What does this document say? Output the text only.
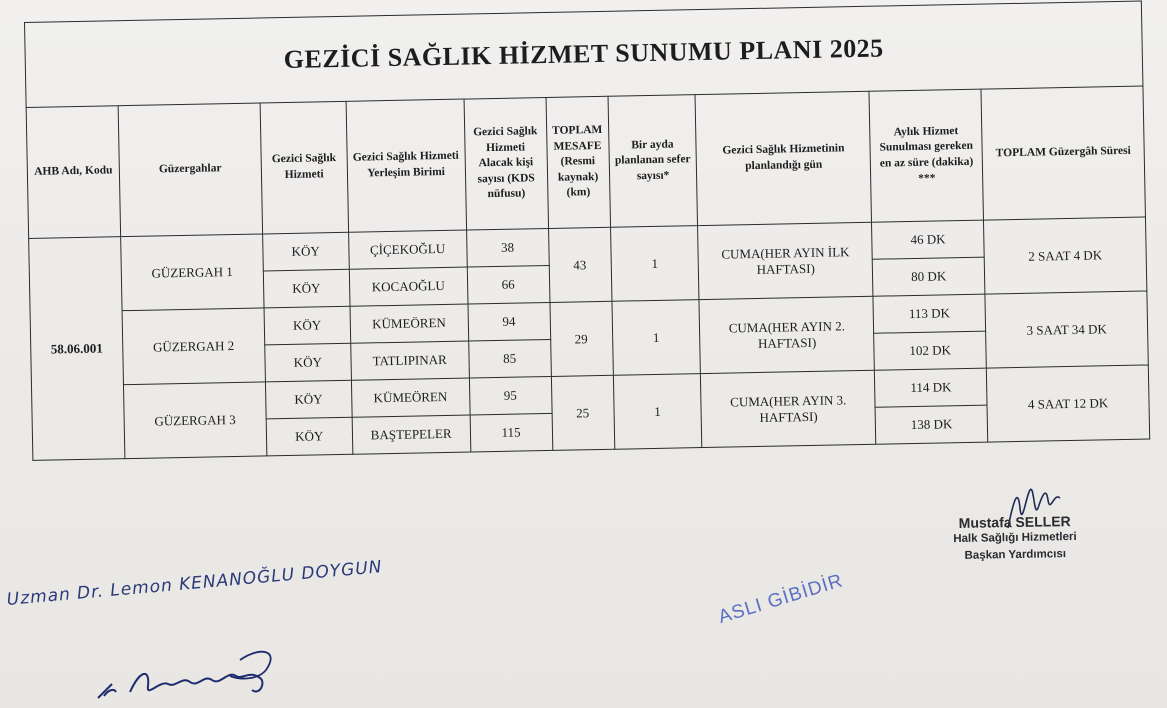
GEZİCİ SAĞLIK HİZMET SUNUMU PLANI 2025									
AHB Adı, Kodu	Güzergahlar	Gezici Sağlık Hizmeti	Gezici Sağlık Hizmeti Yerleşim Birimi	Gezici Sağlık Hizmeti Alacak kişi sayısı (KDS nüfusu)	TOPLAM MESAFE (Resmi kaynak) (km)	Bir ayda planlanan sefer sayısı*	Gezici Sağlık Hizmetinin planlandığı gün	Aylık Hizmet Sunulması gereken en az süre (dakika) ***	TOPLAM Güzergâh Süresi
58.06.001	GÜZERGAH 1	KÖY	ÇİÇEKOĞLU	38	43	1	CUMA(HER AYIN İLK HAFTASI)	46 DK	2 SAAT 4 DK
		KÖY	KOCAOĞLU	66				80 DK	
	GÜZERGAH 2	KÖY	KÜMEÖREN	94	29	1	CUMA(HER AYIN 2. HAFTASI)	113 DK	3 SAAT 34 DK
		KÖY	TATLIPINAR	85				102 DK	
	GÜZERGAH 3	KÖY	KÜMEÖREN	95	25	1	CUMA(HER AYIN 3. HAFTASI)	114 DK	4 SAAT 12 DK
		KÖY	BAŞTEPELER	115				138 DK	
Mustafa SELLER
Halk Sağlığı Hizmetleri
Başkan Yardımcısı
Uzman Dr. Lemon KENANOĞLU DOYGUN	ASLI GİBİDİR
